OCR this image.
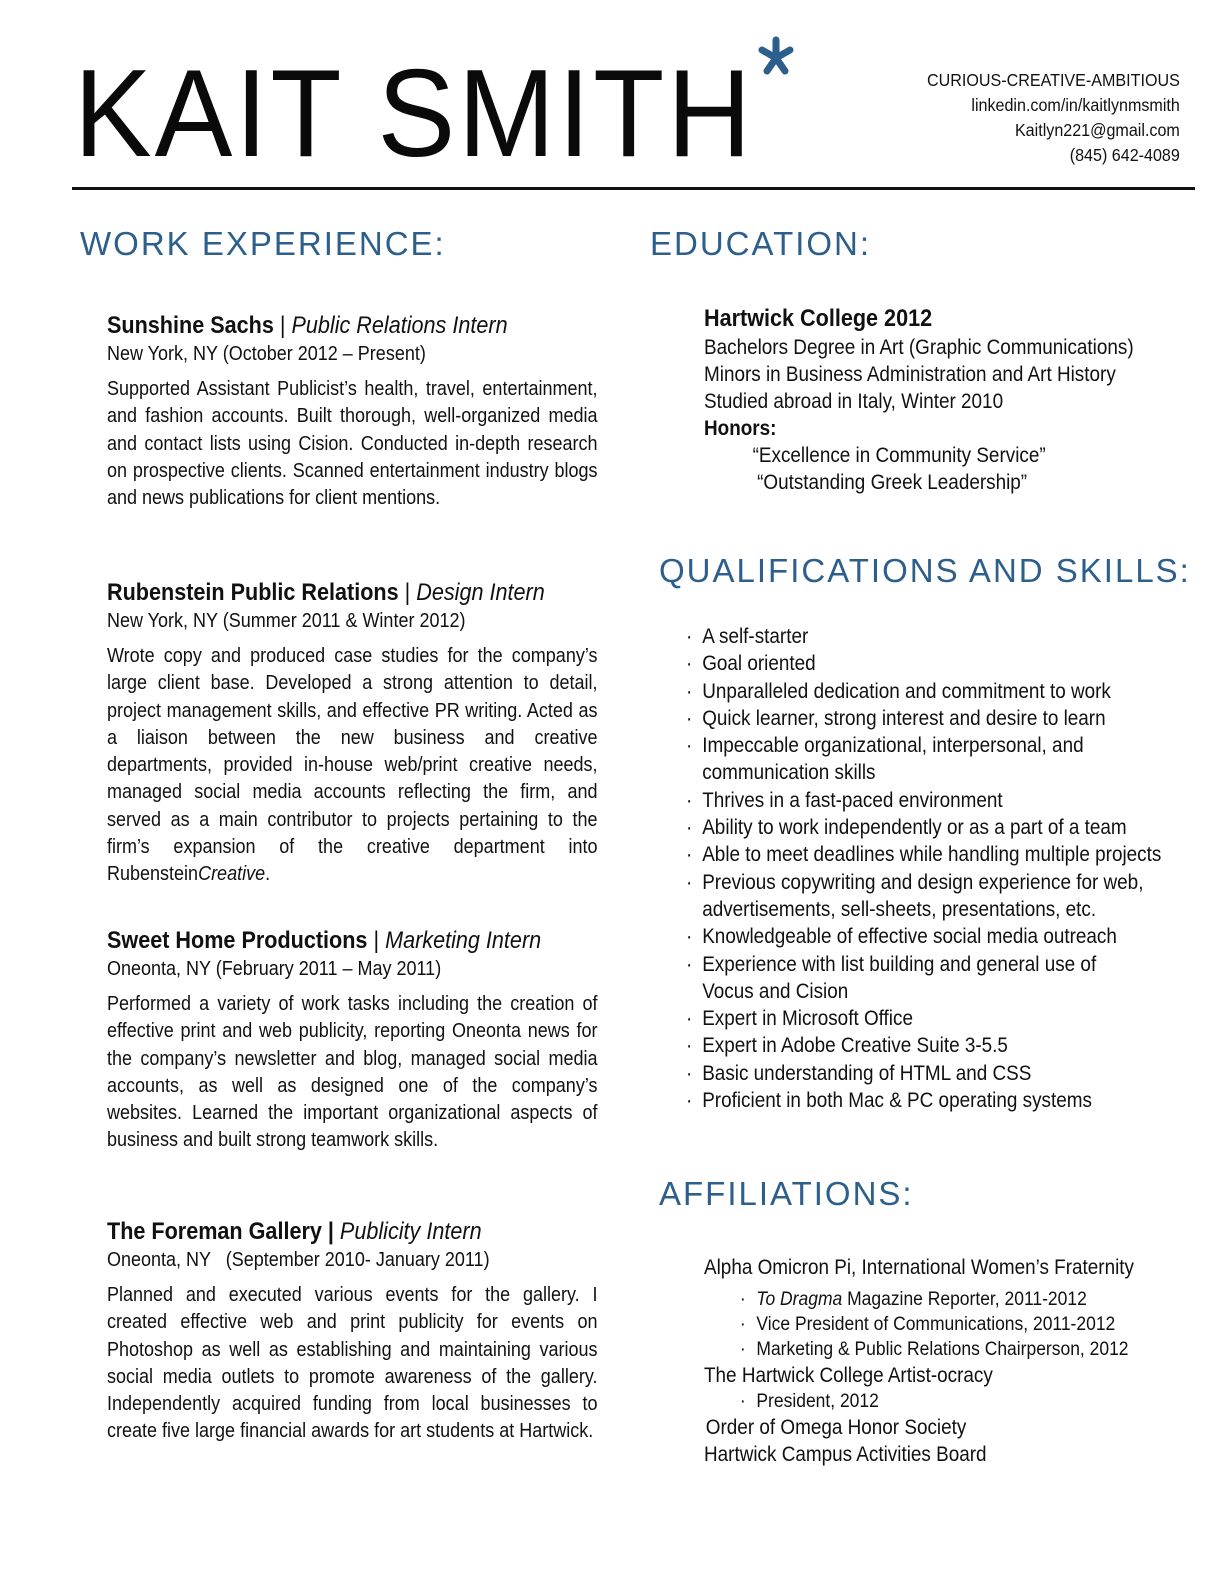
KAIT SMITH	CURIOUS-CREATIVE-AMBITIOUS
linkedin.com/in/kaitlynmsmith
Kaitlyn221@gmail.com
(845) 642-4089
WORK EXPERIENCE:
Sunshine Sachs | Public Relations Intern
New York, NY (October 2012 – Present)
Supported Assistant Publicist’s health, travel, entertainment, and fashion accounts. Built thorough, well-organized media and contact lists using Cision. Conducted in-depth research on prospective clients. Scanned entertainment industry blogs and news publications for client mentions.
Rubenstein Public Relations | Design Intern
New York, NY (Summer 2011 & Winter 2012)
Wrote copy and produced case studies for the company’s large client base. Developed a strong attention to detail, project management skills, and effective PR writing. Acted as a liaison between the new business and creative departments, provided in-house web/print creative needs, managed social media accounts reflecting the firm, and served as a main contributor to projects pertaining to the firm’s expansion of the creative department into RubensteinCreative.
Sweet Home Productions | Marketing Intern
Oneonta, NY (February 2011 – May 2011)
Performed a variety of work tasks including the creation of effective print and web publicity, reporting Oneonta news for the company’s newsletter and blog, managed social media accounts, as well as designed one of the company’s websites. Learned the important organizational aspects of business and built strong teamwork skills.
The Foreman Gallery | Publicity Intern
Oneonta, NY   (September 2010- January 2011)
Planned and executed various events for the gallery. I created effective web and print publicity for events on Photoshop as well as establishing and maintaining various social media outlets to promote awareness of the gallery. Independently acquired funding from local businesses to create five large financial awards for art students at Hartwick.
EDUCATION:
Hartwick College 2012
Bachelors Degree in Art (Graphic Communications)
Minors in Business Administration and Art History
Studied abroad in Italy, Winter 2010
Honors:
“Excellence in Community Service”
“Outstanding Greek Leadership”
QUALIFICATIONS AND SKILLS:
· A self-starter
· Goal oriented
· Unparalleled dedication and commitment to work
· Quick learner, strong interest and desire to learn
· Impeccable organizational, interpersonal, and communication skills
· Thrives in a fast-paced environment
· Ability to work independently or as a part of a team
· Able to meet deadlines while handling multiple projects
· Previous copywriting and design experience for web, advertisements, sell-sheets, presentations, etc.
· Knowledgeable of effective social media outreach
· Experience with list building and general use of Vocus and Cision
· Expert in Microsoft Office
· Expert in Adobe Creative Suite 3-5.5
· Basic understanding of HTML and CSS
· Proficient in both Mac & PC operating systems
AFFILIATIONS:
Alpha Omicron Pi, International Women’s Fraternity
· To Dragma Magazine Reporter, 2011-2012
· Vice President of Communications, 2011-2012
· Marketing & Public Relations Chairperson, 2012
The Hartwick College Artist-ocracy
· President, 2012
Order of Omega Honor Society
Hartwick Campus Activities Board
